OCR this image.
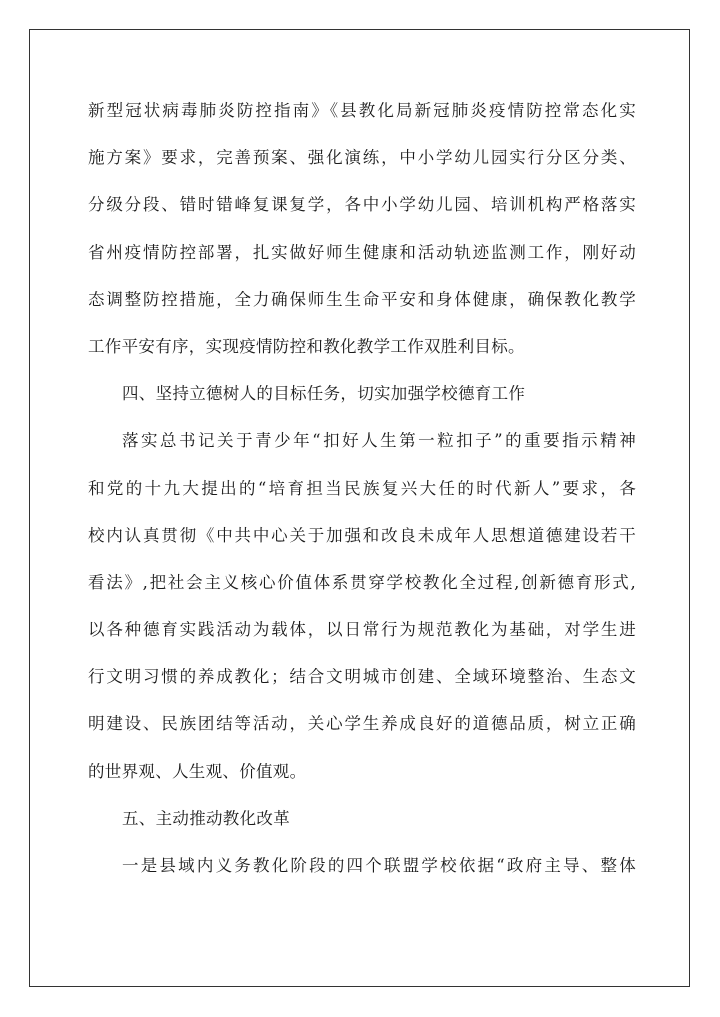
新型冠状病毒肺炎防控指南》《县教化局新冠肺炎疫情防控常态化实
施方案》要求，完善预案、强化演练，中小学幼儿园实行分区分类、
分级分段、错时错峰复课复学，各中小学幼儿园、培训机构严格落实
省州疫情防控部署，扎实做好师生健康和活动轨迹监测工作，刚好动
态调整防控措施，全力确保师生生命平安和身体健康，确保教化教学
工作平安有序，实现疫情防控和教化教学工作双胜利目标。
四、坚持立德树人的目标任务，切实加强学校德育工作
落实总书记关于青少年“扣好人生第一粒扣子”的重要指示精神
和党的十九大提出的“培育担当民族复兴大任的时代新人”要求，各
校内认真贯彻《中共中心关于加强和改良未成年人思想道德建设若干
看法》,把社会主义核心价值体系贯穿学校教化全过程,创新德育形式,
以各种德育实践活动为载体，以日常行为规范教化为基础，对学生进
行文明习惯的养成教化；结合文明城市创建、全域环境整治、生态文
明建设、民族团结等活动，关心学生养成良好的道德品质，树立正确
的世界观、人生观、价值观。
五、主动推动教化改革
一是县域内义务教化阶段的四个联盟学校依据“政府主导、整体
